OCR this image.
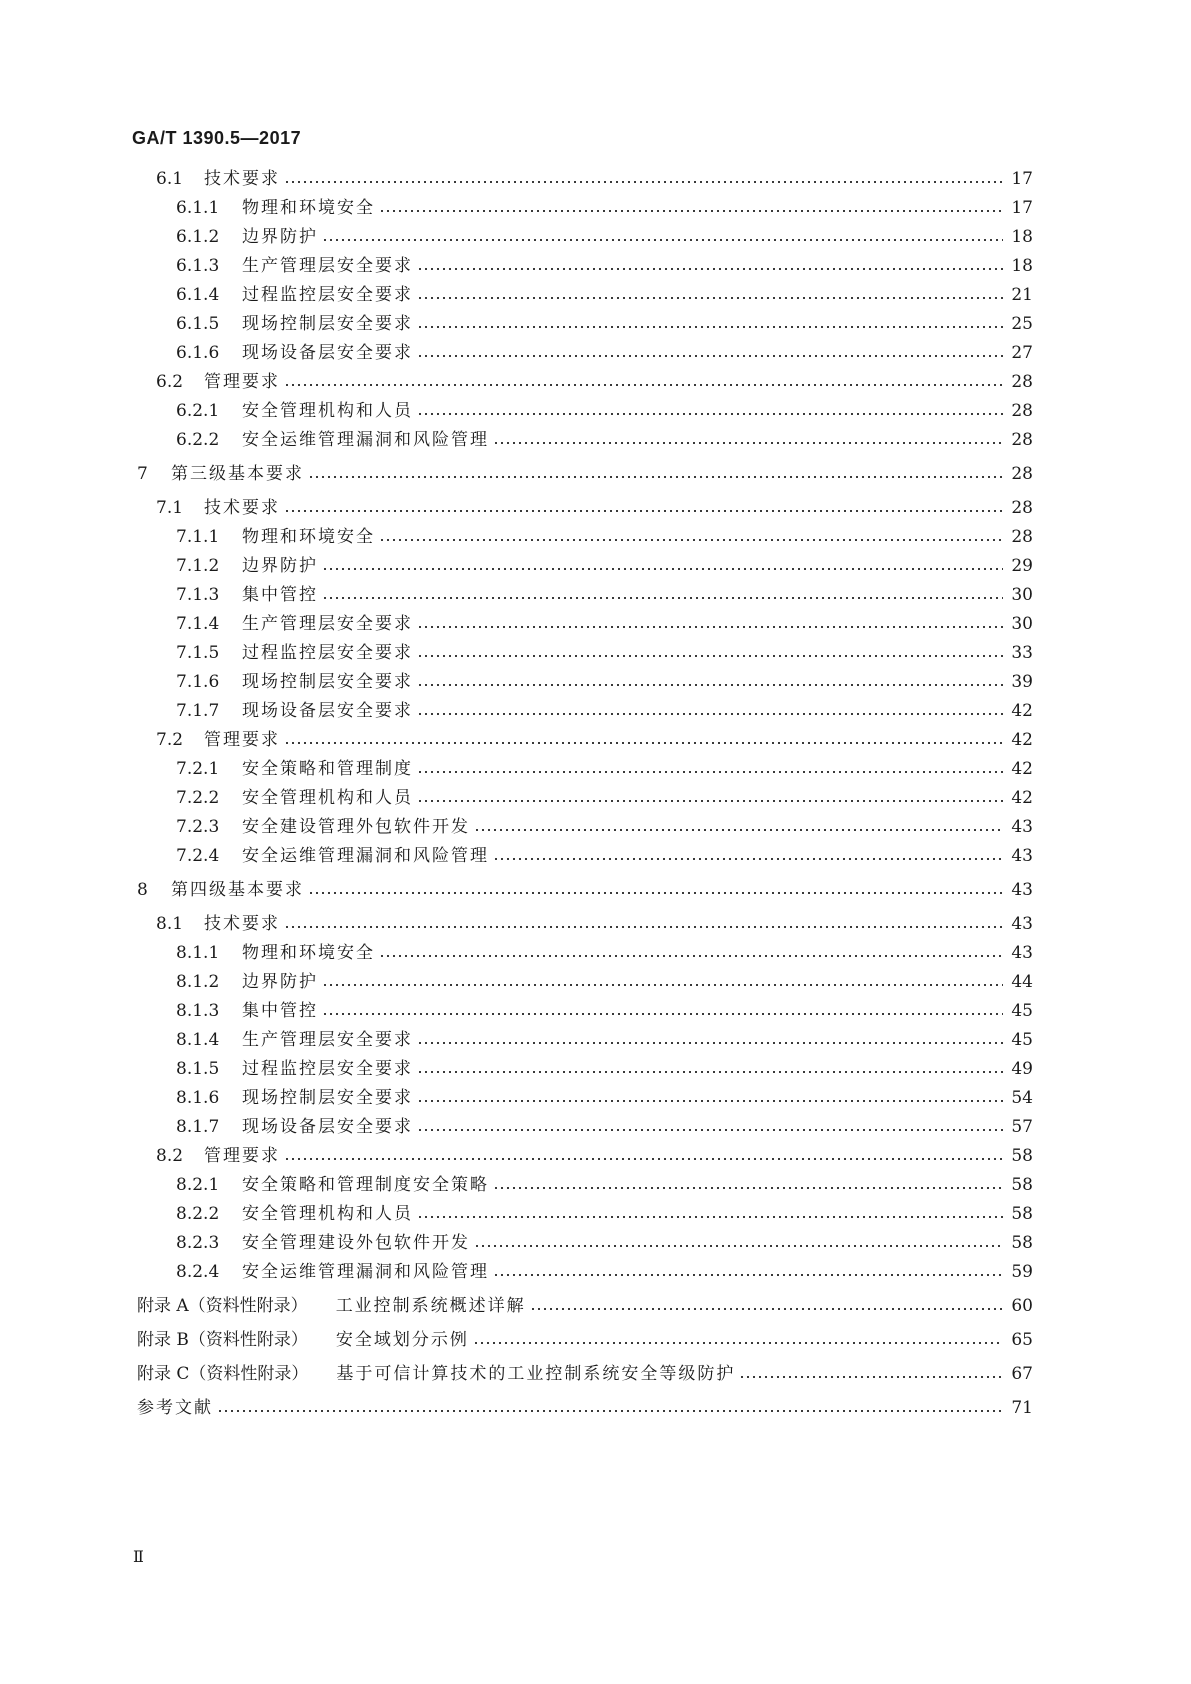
GA/T 1390.5—2017
6.1	技术要求	17
6.1.1	物理和环境安全	17
6.1.2	边界防护	18
6.1.3	生产管理层安全要求	18
6.1.4	过程监控层安全要求	21
6.1.5	现场控制层安全要求	25
6.1.6	现场设备层安全要求	27
6.2	管理要求	28
6.2.1	安全管理机构和人员	28
6.2.2	安全运维管理漏洞和风险管理	28
7	第三级基本要求	28
7.1	技术要求	28
7.1.1	物理和环境安全	28
7.1.2	边界防护	29
7.1.3	集中管控	30
7.1.4	生产管理层安全要求	30
7.1.5	过程监控层安全要求	33
7.1.6	现场控制层安全要求	39
7.1.7	现场设备层安全要求	42
7.2	管理要求	42
7.2.1	安全策略和管理制度	42
7.2.2	安全管理机构和人员	42
7.2.3	安全建设管理外包软件开发	43
7.2.4	安全运维管理漏洞和风险管理	43
8	第四级基本要求	43
8.1	技术要求	43
8.1.1	物理和环境安全	43
8.1.2	边界防护	44
8.1.3	集中管控	45
8.1.4	生产管理层安全要求	45
8.1.5	过程监控层安全要求	49
8.1.6	现场控制层安全要求	54
8.1.7	现场设备层安全要求	57
8.2	管理要求	58
8.2.1	安全策略和管理制度安全策略	58
8.2.2	安全管理机构和人员	58
8.2.3	安全管理建设外包软件开发	58
8.2.4	安全运维管理漏洞和风险管理	59
附录 A（资料性附录） 工业控制系统概述详解	60
附录 B（资料性附录） 安全域划分示例	65
附录 C（资料性附录） 基于可信计算技术的工业控制系统安全等级防护	67
参考文献	71
Ⅱ
